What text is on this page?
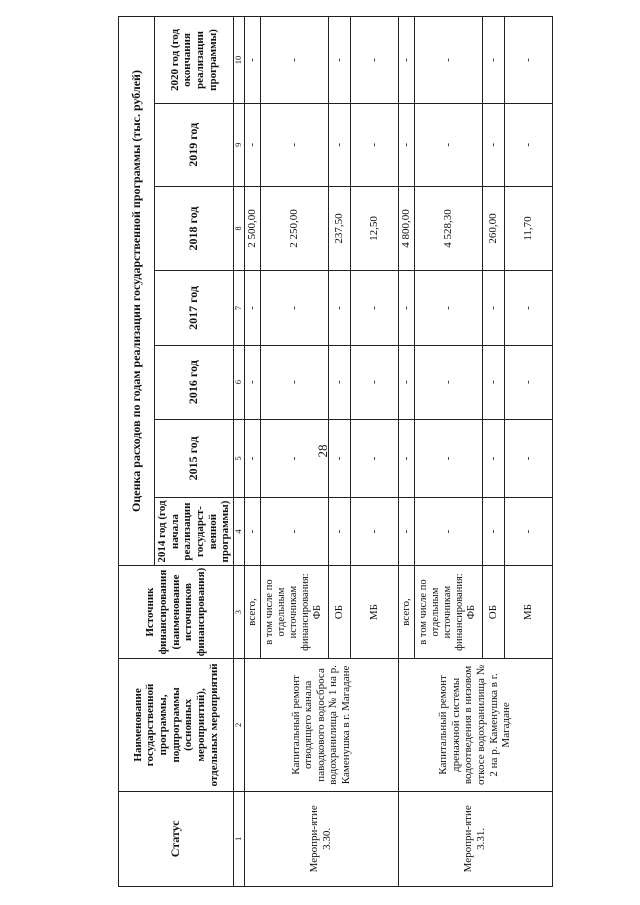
28
Статус	Наименование государственной программы, подпрограммы (основных мероприятий), отдельных мероприятий	Источник финансирования (наименование источников финансирования)	Оценка расходов по годам реализации государственной программы (тыс. рублей)						
			2014 год (год начала реализации государст-венной программы)	2015 год	2016 год	2017 год	2018 год	2019 год	2020 год (год окончания реализации программы)
1	2	3	4	5	6	7	8	9	10
Меропри-ятие 3.30.	Капитальный ремонт отводящего канала паводкового водосброса водохранилища № 1 на р. Каменушка в г. Магадане	всего,	-	-	-	-	2 500,00	-	-
		в том числе по отдельным источникам финансирования: ФБ	-	-	-	-	2 250,00	-	-
		ОБ	-	-	-	-	237,50	-	-
		МБ	-	-	-	-	12,50	-	-
Меропри-ятие 3.31.	Капитальный ремонт дренажной системы водоотведения в низовом откосе водохранилища № 2 на р. Каменушка в г. Магадане	всего,	-	-	-	-	4 800,00	-	-
		в том числе по отдельным источникам финансирования: ФБ	-	-	-	-	4 528,30	-	-
		ОБ	-	-	-	-	260,00	-	-
		МБ	-	-	-	-	11,70	-	-
